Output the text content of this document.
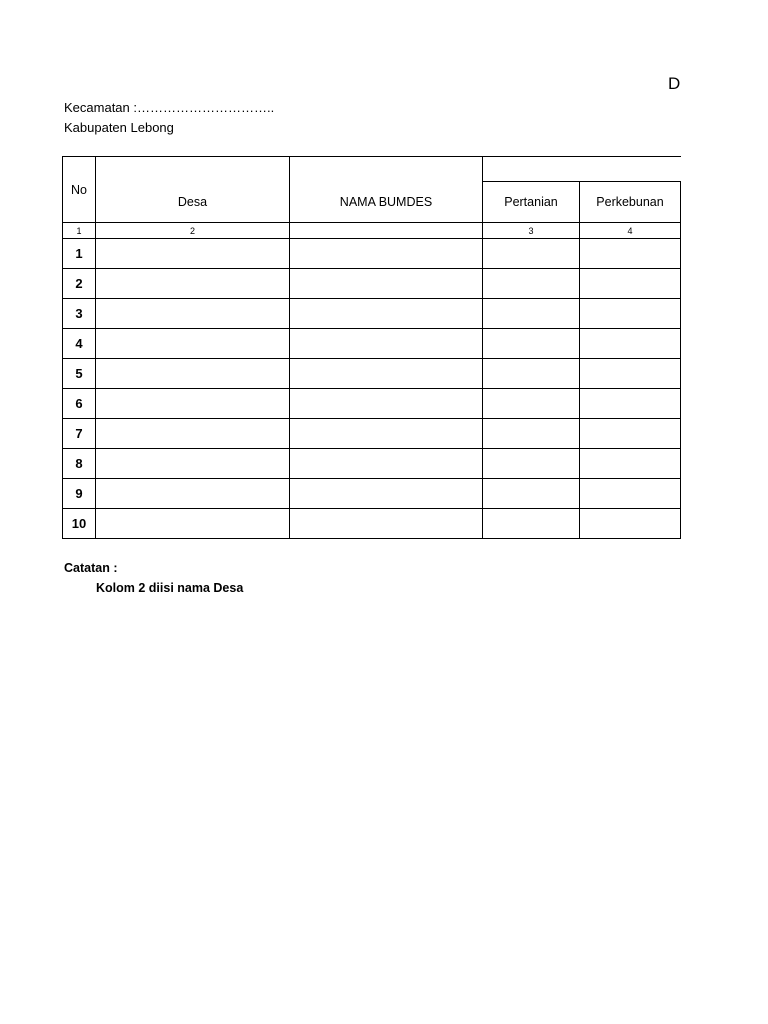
D
Kecamatan :…………………………..
Kabupaten Lebong
No	Desa	NAMA BUMDES		
			Pertanian	Perkebunan
1	2		3	4
1				
2				
3				
4				
5				
6				
7				
8				
9				
10				
Catatan :
Kolom 2 diisi nama Desa
